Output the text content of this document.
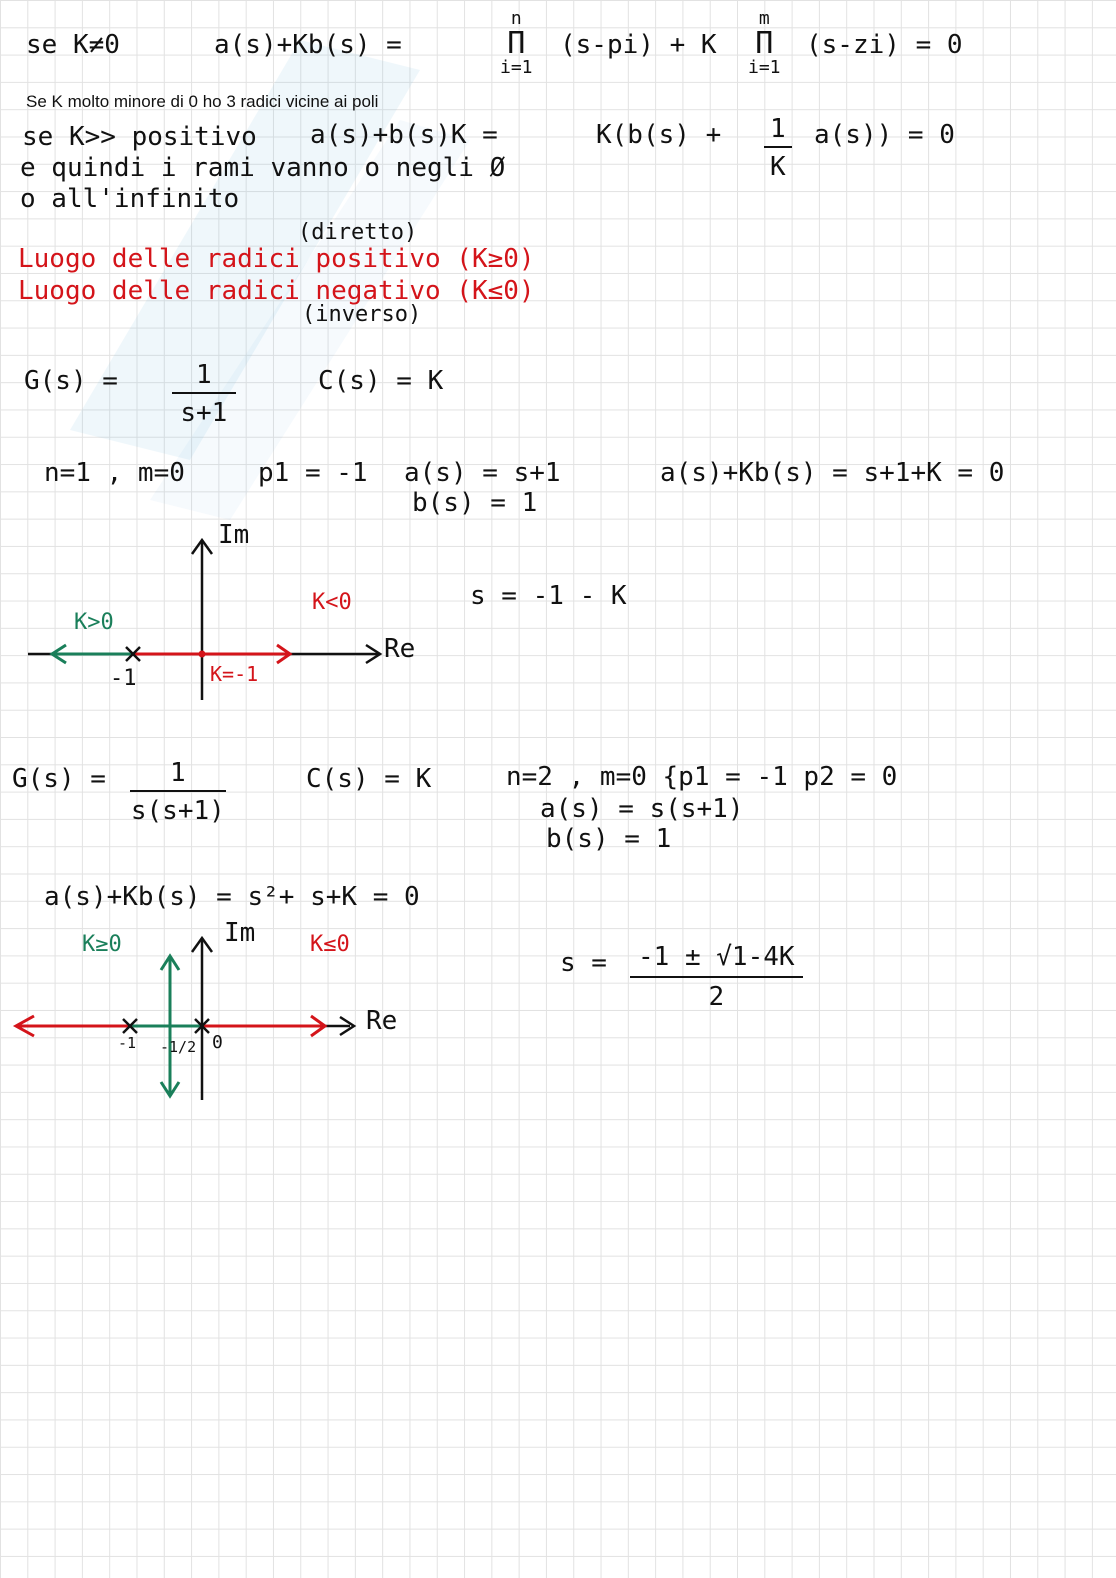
se K≠0	a(s)+Kb(s) =
n
Π
i=1
(s-pi) + K
m
Π
i=1
(s-zi) = 0
Se K molto minore di 0 ho 3 radici vicine ai poli
se K>> positivo a(s)+b(s)K =	$K(b(s) + \frac{1}{K} a(s)) = 0$
e quindi i rami vanno o negli Ø
o all'infinito
(diretto)
Luogo delle radici positivo (K≥0)
Luogo delle radici negativo (K≤0)
(inverso)
$G(s) = \frac{1}{s+1}$	C(s) = K
n=1 , m=0	p1 = -1 a(s) = s+1
b(s) = 1
a(s)+Kb(s) = s+1+K = 0
Im
Re
K>0
K<0
-1	K=-1
s = -1 - K
$G(s) = \frac{1}{s(s+1)}$	C(s) = K	n=2 , m=0 {p1 = -1 p2 = 0
a(s) = s(s+1)
b(s) = 1
a(s)+Kb(s) = s²+ s+K = 0
Im
Re
K≥0	K≤0
-1 -1/2 0
$s = \frac{-1 \pm √1-4K}{2}$
